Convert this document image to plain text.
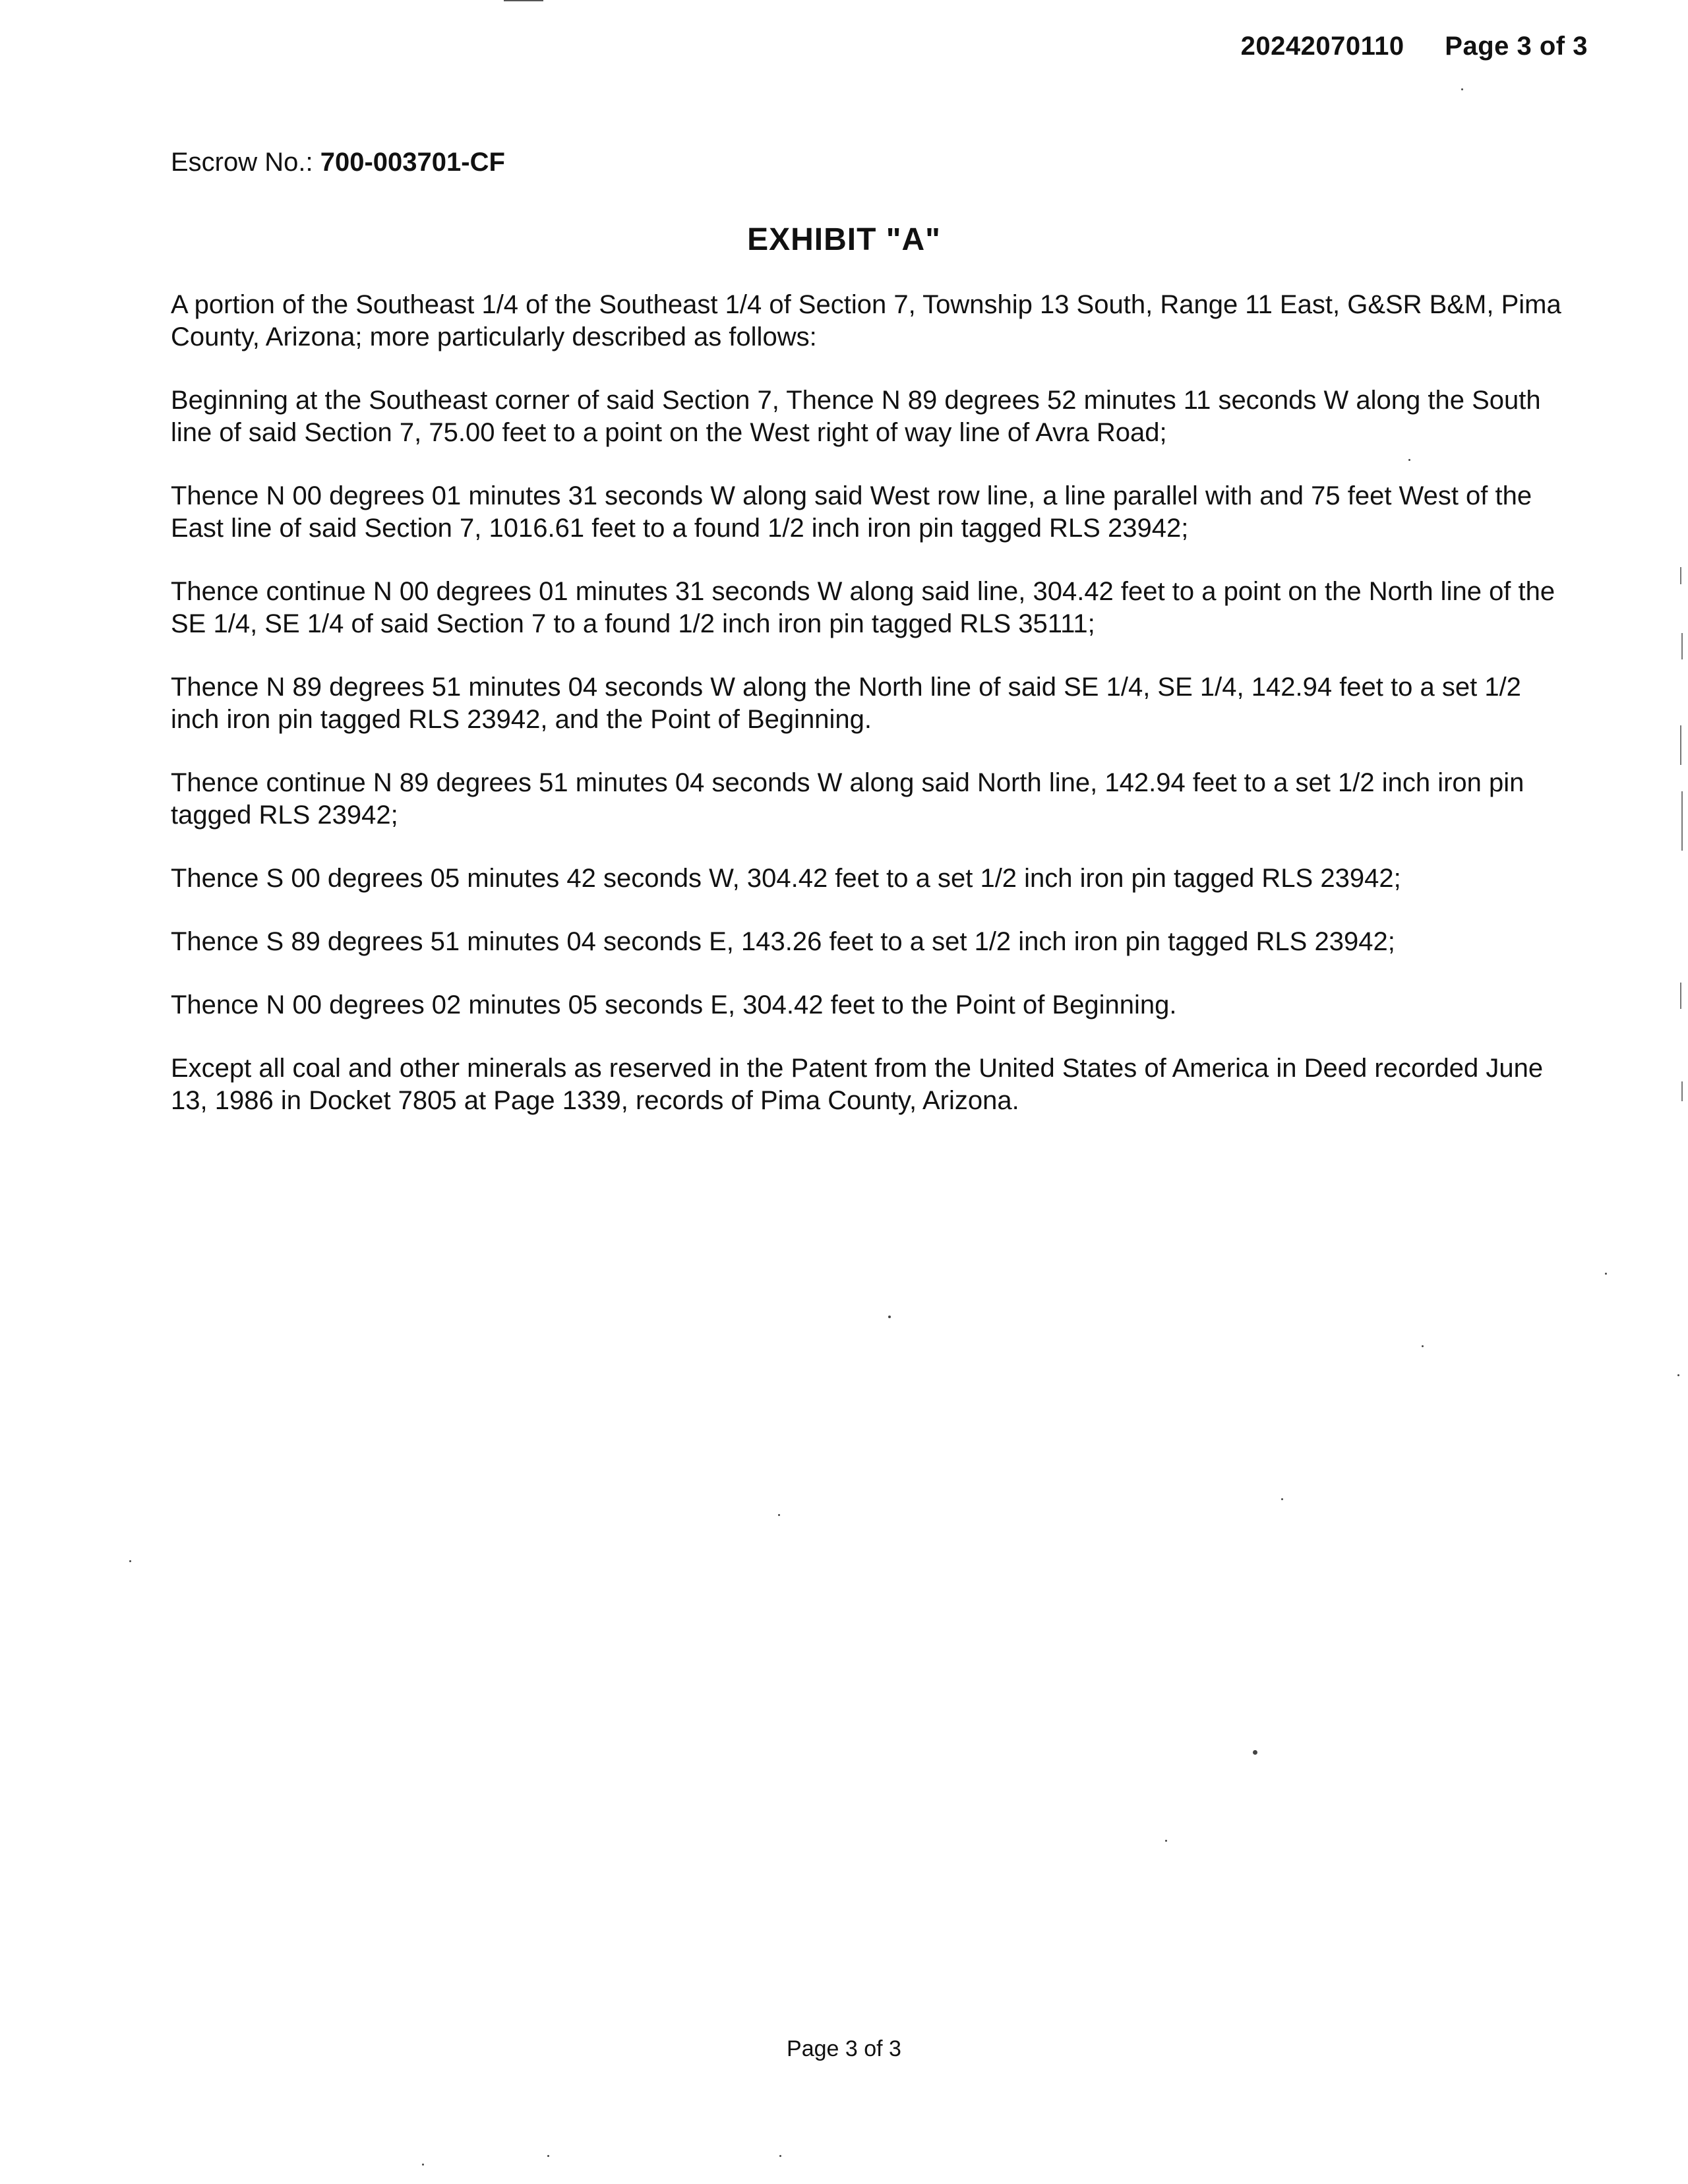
20242070110 Page 3 of 3
Escrow No.: 700-003701-CF
EXHIBIT "A"

A portion of the Southeast 1/4 of the Southeast 1/4 of Section 7, Township 13 South, Range 11 East, G&SR B&M, Pima County, Arizona; more particularly described as follows:

Beginning at the Southeast corner of said Section 7, Thence N 89 degrees 52 minutes 11 seconds W along the South line of said Section 7, 75.00 feet to a point on the West right of way line of Avra Road;

Thence N 00 degrees 01 minutes 31 seconds W along said West row line, a line parallel with and 75 feet West of the East line of said Section 7, 1016.61 feet to a found 1/2 inch iron pin tagged RLS 23942;

Thence continue N 00 degrees 01 minutes 31 seconds W along said line, 304.42 feet to a point on the North line of the SE 1/4, SE 1/4 of said Section 7 to a found 1/2 inch iron pin tagged RLS 35111;

Thence N 89 degrees 51 minutes 04 seconds W along the North line of said SE 1/4, SE 1/4, 142.94 feet to a set 1/2 inch iron pin tagged RLS 23942, and the Point of Beginning.

Thence continue N 89 degrees 51 minutes 04 seconds W along said North line, 142.94 feet to a set 1/2 inch iron pin tagged RLS 23942;

Thence S 00 degrees 05 minutes 42 seconds W, 304.42 feet to a set 1/2 inch iron pin tagged RLS 23942;

Thence S 89 degrees 51 minutes 04 seconds E, 143.26 feet to a set 1/2 inch iron pin tagged RLS 23942;

Thence N 00 degrees 02 minutes 05 seconds E, 304.42 feet to the Point of Beginning.

Except all coal and other minerals as reserved in the Patent from the United States of America in Deed recorded June 13, 1986 in Docket 7805 at Page 1339, records of Pima County, Arizona.

Page 3 of 3
